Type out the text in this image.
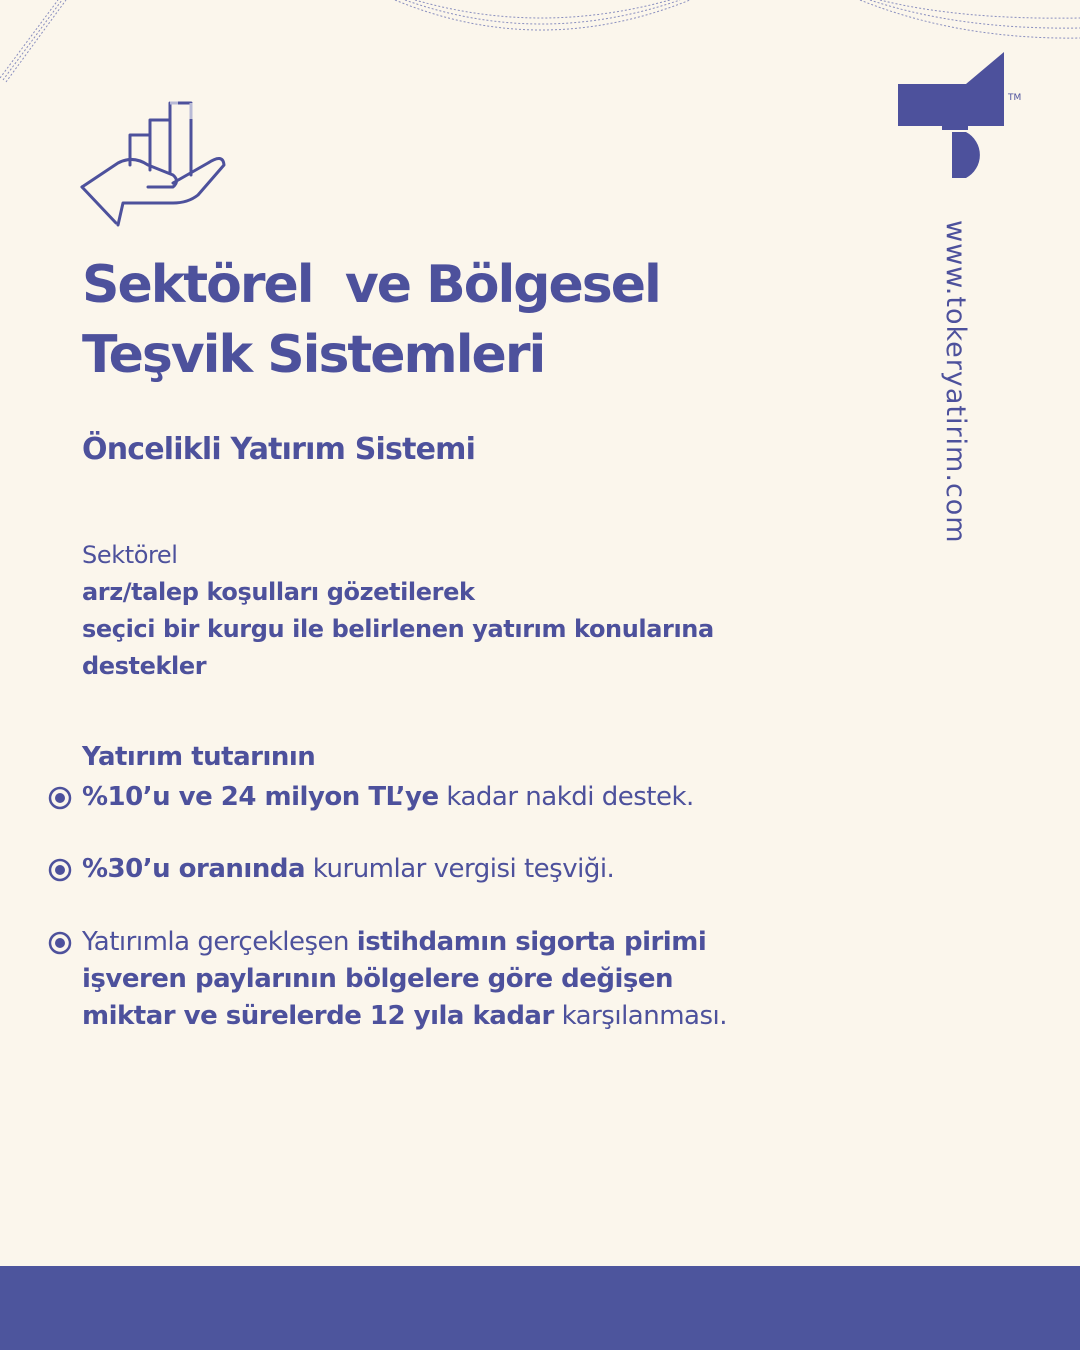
TM
www.tokeryatirim.com
Sektörel  ve Bölgesel
Teşvik Sistemleri
Öncelikli Yatırım Sistemi
Sektörel
arz/talep koşulları gözetilerek
seçici bir kurgu ile belirlenen yatırım konularına
destekler
Yatırım tutarının
%10’u ve 24 milyon TL’ye kadar nakdi destek.
%30’u oranında kurumlar vergisi teşviği.
Yatırımla gerçekleşen istihdamın sigorta pirimi
işveren paylarının bölgelere göre değişen
miktar ve sürelerde 12 yıla kadar karşılanması.
